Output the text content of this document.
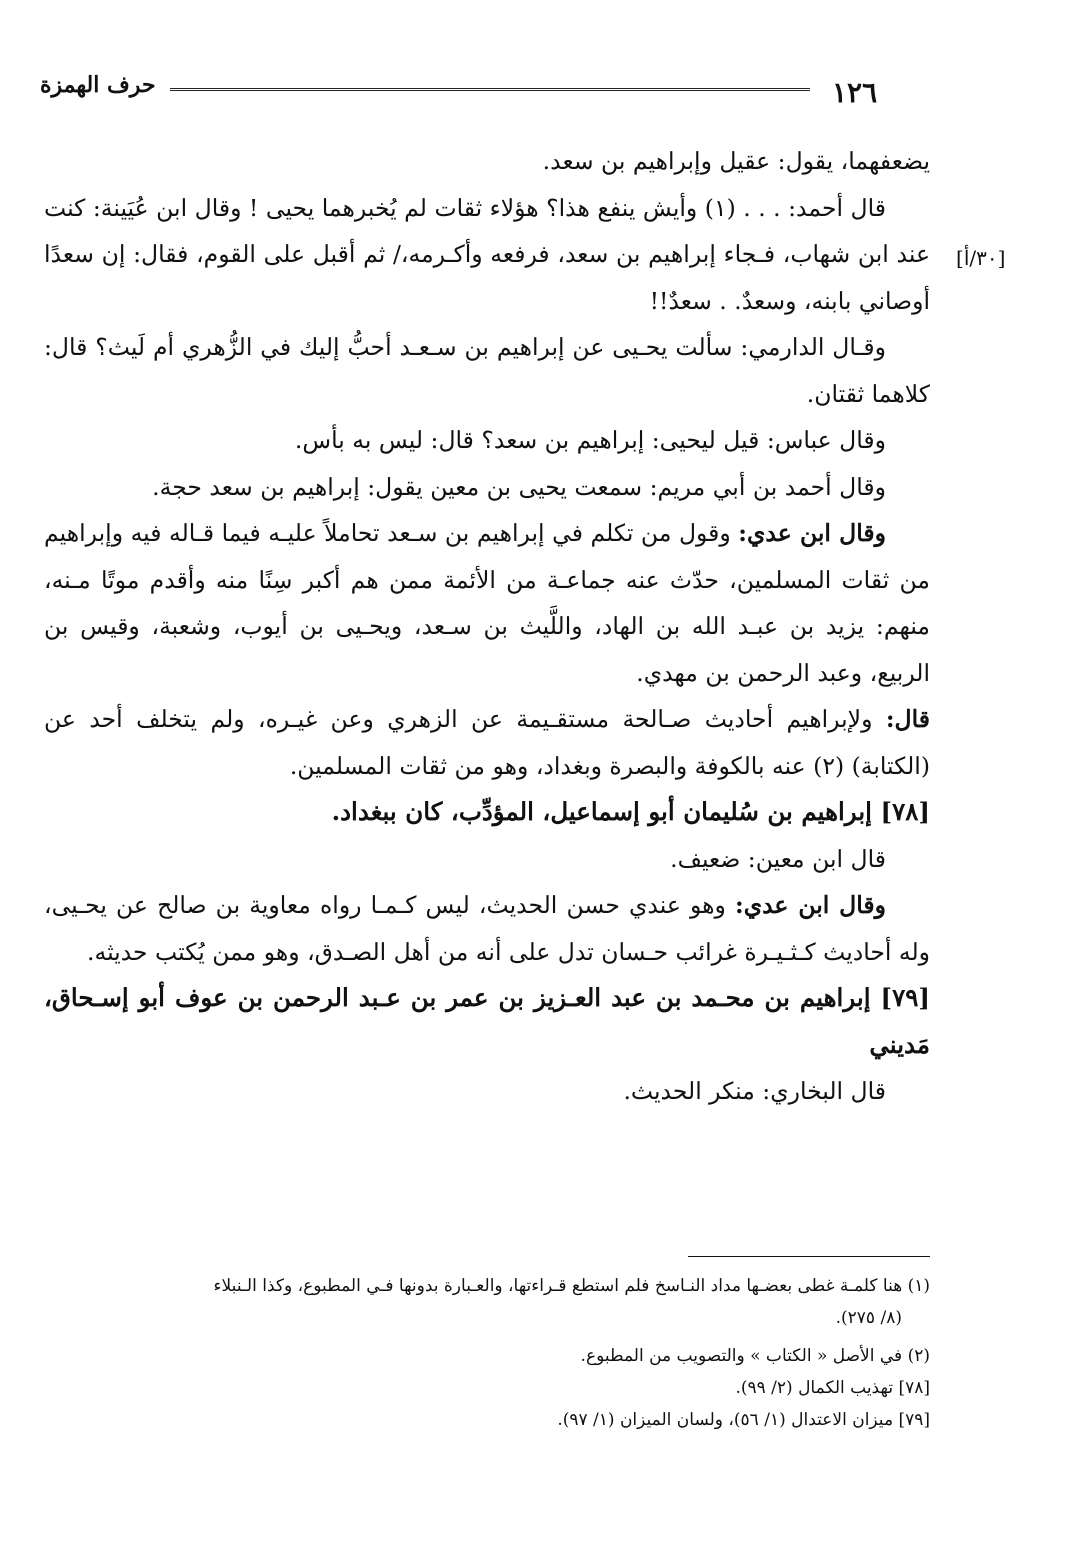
حرف الهمزة	١٢٦
[٣٠/أ]

يضعفهما، يقول: عقيل وإبراهيم بن سعد.

قال أحمد: . . . (١) وأيش ينفع هذا؟ هؤلاء ثقات لم يُخبرهما يحيى ! وقال ابن عُيَينة: كنت عند ابن شهاب، فـجاء إبراهيم بن سعد، فرفعه وأكـرمه،/ ثم أقبل على القوم، فقال: إن سعدًا أوصاني بابنه، وسعدٌ. . سعدٌ!!

وقـال الدارمي: سألت يحـيى عن إبراهيم بن سـعـد أحبُّ إليك في الزُّهري أم لَيث؟ قال: كلاهما ثقتان.

وقال عباس: قيل ليحيى: إبراهيم بن سعد؟ قال: ليس به بأس.

وقال أحمد بن أبي مريم: سمعت يحيى بن معين يقول: إبراهيم بن سعد حجة.

وقال ابن عدي: وقول من تكلم في إبراهيم بن سـعد تحاملاً عليـه فيما قـاله فيه وإبراهيم من ثقات المسلمين، حدّث عنه جماعـة من الأئمة ممن هم أكبر سِنًا منه وأقدم موتًا مـنه، منهم: يزيد بن عبـد الله بن الهاد، واللَّيث بن سـعد، ويحـيى بن أيوب، وشعبة، وقيس بن الربيع، وعبد الرحمن بن مهدي.

قال: ولإبراهيم أحاديث صـالحة مستقـيمة عن الزهري وعن غيـره، ولم يتخلف أحد عن (الكتابة) (٢) عنه بالكوفة والبصرة وبغداد، وهو من ثقات المسلمين.

[٧٨] إبراهيم بن سُليمان أبو إسماعيل، المؤدِّب، كان ببغداد.

قال ابن معين: ضعيف.

وقال ابن عدي: وهو عندي حسن الحديث، ليس كـمـا رواه معاوية بن صالح عن يحـيى، وله أحاديث كـثـيـرة غرائب حـسان تدل على أنه من أهل الصـدق، وهو ممن يُكتب حديثه.

[٧٩] إبراهيم بن محـمد بن عبد العـزيز بن عمر بن عـبد الرحمن بن عوف أبو إسـحاق، مَديني

قال البخاري: منكر الحديث.

(١) هنا كلمـة غطى بعضـها مداد النـاسخ فلم استطع قـراءتها، والعـبارة بدونها فـي المطبوع، وكذا الـنبلاء

(٨/ ٢٧٥).

(٢) في الأصل « الكتاب » والتصويب من المطبوع.

[٧٨] تهذيب الكمال (٢/ ٩٩).

[٧٩] ميزان الاعتدال (١/ ٥٦)، ولسان الميزان (١/ ٩٧).
